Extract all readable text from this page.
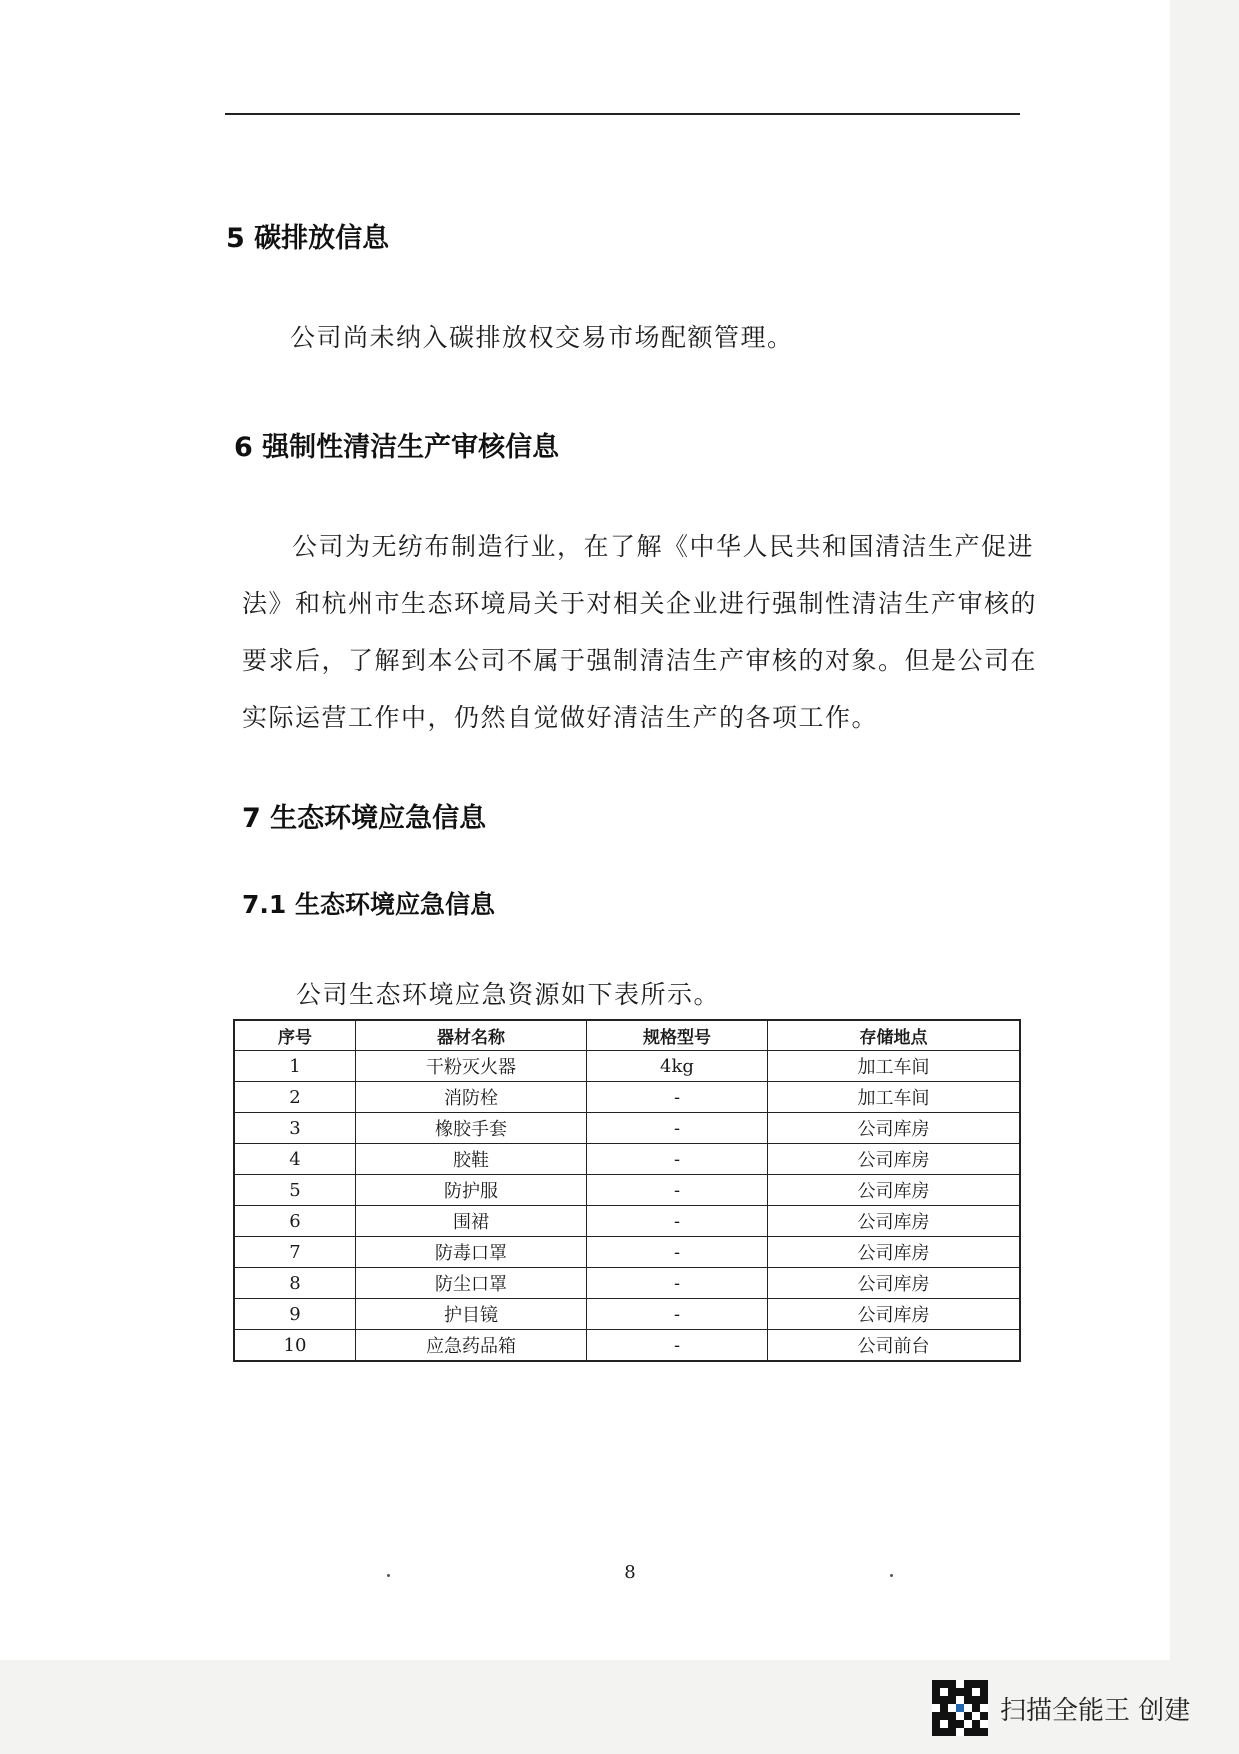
5 碳排放信息
公司尚未纳入碳排放权交易市场配额管理。
6 强制性清洁生产审核信息
公司为无纺布制造行业，在了解《中华人民共和国清洁生产促进
法》和杭州市生态环境局关于对相关企业进行强制性清洁生产审核的
要求后，了解到本公司不属于强制清洁生产审核的对象。但是公司在
实际运营工作中，仍然自觉做好清洁生产的各项工作。
7 生态环境应急信息
7.1 生态环境应急信息
公司生态环境应急资源如下表所示。
序号	器材名称	规格型号	存储地点
1	干粉灭火器	4kg	加工车间
2	消防栓	-	加工车间
3	橡胶手套	-	公司库房
4	胶鞋	-	公司库房
5	防护服	-	公司库房
6	围裙	-	公司库房
7	防毒口罩	-	公司库房
8	防尘口罩	-	公司库房
9	护目镜	-	公司库房
10	应急药品箱	-	公司前台
8
扫描全能王 创建
